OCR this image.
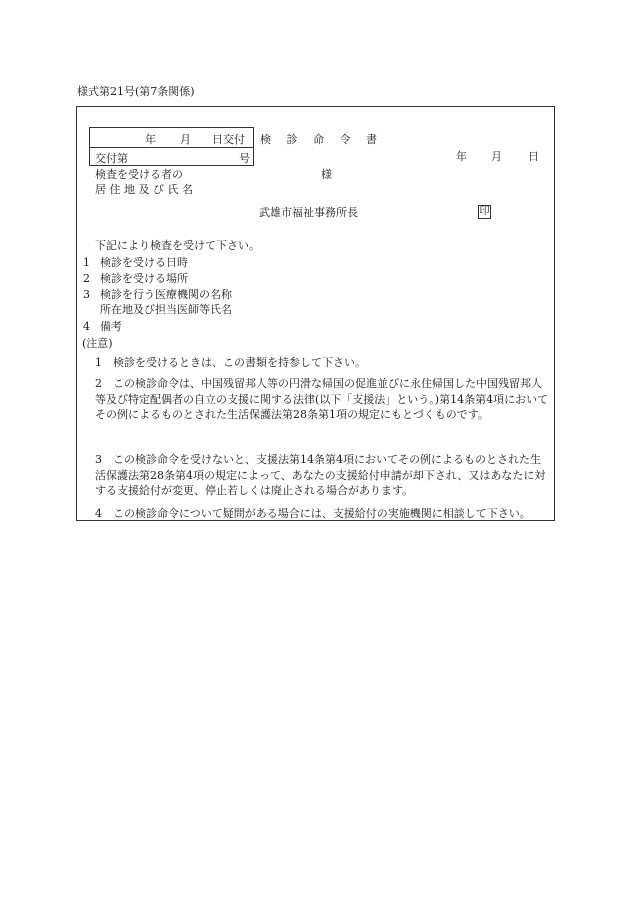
様式第21号(第7条関係)
年 月 日交付
交付第	号
検 診 命 令 書
年 月 日
検査を受ける者の
居住地及び氏名
様
武雄市福祉事務所長	印
下記により検査を受けて下さい。
1 検診を受ける日時
2 検診を受ける場所
3 検診を行う医療機関の名称
所在地及び担当医師等氏名
4 備考
(注意)
1　検診を受けるときは、この書類を持参して下さい。
2　この検診命令は、中国残留邦人等の円滑な帰国の促進並びに永住帰国した中国残留邦人等及び特定配偶者の自立の支援に関する法律(以下「支援法」という。)第14条第4項においてその例によるものとされた生活保護法第28条第1項の規定にもとづくものです。
3　この検診命令を受けないと、支援法第14条第4項においてその例によるものとされた生活保護法第28条第4項の規定によって、あなたの支援給付申請が却下され、又はあなたに対する支援給付が変更、停止若しくは廃止される場合があります。
4　この検診命令について疑問がある場合には、支援給付の実施機関に相談して下さい。
